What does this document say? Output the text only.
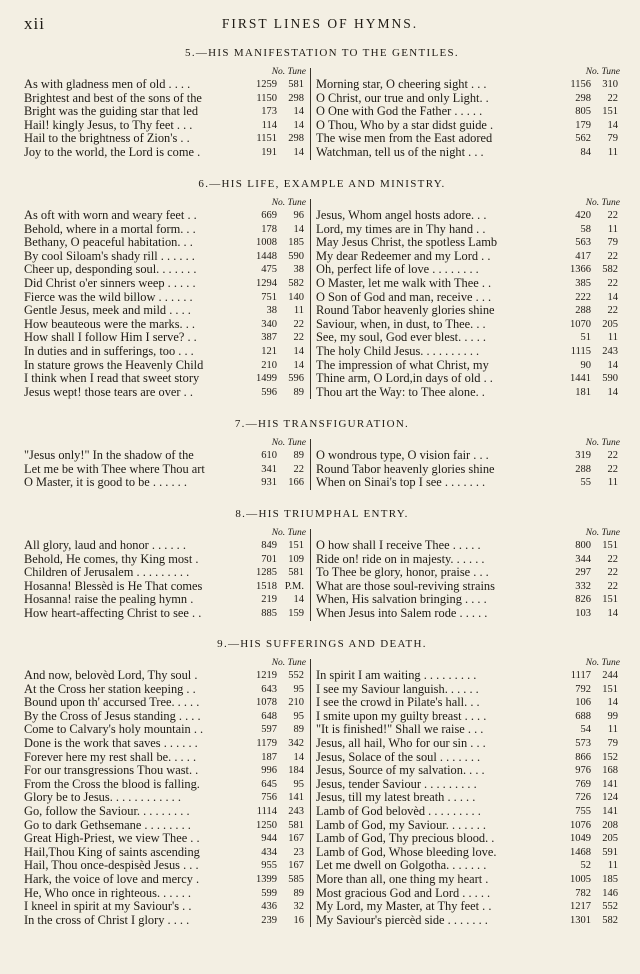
xii	FIRST LINES OF HYMNS.
5.—HIS MANIFESTATION TO THE GENTILES.
No. Tune
As with gladness men of old . . . .	1259	581
Brightest and best of the sons of the	1150	298
Bright was the guiding star that led	173	14
Hail! kingly Jesus, to Thy feet . . .	114	14
Hail to the brightness of Zion's . .	1151	298
Joy to the world, the Lord is come .	191	14
No. Tune
Morning star, O cheering sight . . .	1156	310
O Christ, our true and only Light. .	298	22
O One with God the Father . . . . .	805	151
O Thou, Who by a star didst guide .	179	14
The wise men from the East adored	562	79
Watchman, tell us of the night . . .	84	11
6.—HIS LIFE, EXAMPLE AND MINISTRY.
No. Tune
As oft with worn and weary feet . .	669	96
Behold, where in a mortal form. . .	178	14
Bethany, O peaceful habitation. . .	1008	185
By cool Siloam's shady rill . . . . . .	1448	590
Cheer up, desponding soul. . . . . . .	475	38
Did Christ o'er sinners weep . . . . .	1294	582
Fierce was the wild billow . . . . . .	751	140
Gentle Jesus, meek and mild . . . .	38	11
How beauteous were the marks. . .	340	22
How shall I follow Him I serve? . .	387	22
In duties and in sufferings, too . . .	121	14
In stature grows the Heavenly Child	210	14
I think when I read that sweet story	1499	596
Jesus wept! those tears are over . .	596	89
No. Tune
Jesus, Whom angel hosts adore. . .	420	22
Lord, my times are in Thy hand . .	58	11
May Jesus Christ, the spotless Lamb	563	79
My dear Redeemer and my Lord . .	417	22
Oh, perfect life of love . . . . . . . .	1366	582
O Master, let me walk with Thee . .	385	22
O Son of God and man, receive . . .	222	14
Round Tabor heavenly glories shine	288	22
Saviour, when, in dust, to Thee. . .	1070	205
See, my soul, God ever blest. . . . .	51	11
The holy Child Jesus. . . . . . . . . .	1115	243
The impression of what Christ, my	90	14
Thine arm, O Lord,in days of old . .	1441	590
Thou art the Way: to Thee alone. .	181	14
7.—HIS TRANSFIGURATION.
No. Tune
"Jesus only!" In the shadow of the	610	89
Let me be with Thee where Thou art	341	22
O Master, it is good to be . . . . . .	931	166
No. Tune
O wondrous type, O vision fair . . .	319	22
Round Tabor heavenly glories shine	288	22
When on Sinai's top I see . . . . . . .	55	11
8.—HIS TRIUMPHAL ENTRY.
No. Tune
All glory, laud and honor . . . . . .	849	151
Behold, He comes, thy King most .	701	109
Children of Jerusalem . . . . . . . . .	1285	581
Hosanna! Blessèd is He That comes	1518 P.M.
Hosanna! raise the pealing hymn .	219	14
How heart-affecting Christ to see . .	885	159
No. Tune
O how shall I receive Thee . . . . .	800	151
Ride on! ride on in majesty. . . . . .	344	22
To Thee be glory, honor, praise . . .	297	22
What are those soul-reviving strains	332	22
When, His salvation bringing . . . .	826	151
When Jesus into Salem rode . . . . .	103	14
9.—HIS SUFFERINGS AND DEATH.
No. Tune
And now, belovèd Lord, Thy soul .	1219	552
At the Cross her station keeping . .	643	95
Bound upon th' accursed Tree. . . . .	1078	210
By the Cross of Jesus standing . . . .	648	95
Come to Calvary's holy mountain . .	597	89
Done is the work that saves . . . . . .	1179	342
Forever here my rest shall be. . . . .	187	14
For our transgressions Thou wast. .	996	184
From the Cross the blood is falling.	645	95
Glory be to Jesus. . . . . . . . . . . .	756	141
Go, follow the Saviour. . . . . . . . .	1114	243
Go to dark Gethsemane . . . . . . . .	1250	581
Great High-Priest, we view Thee . .	944	167
Hail,Thou King of saints ascending	434	23
Hail, Thou once-despisèd Jesus . . .	955	167
Hark, the voice of love and mercy .	1399	585
He, Who once in righteous. . . . . .	599	89
I kneel in spirit at my Saviour's . .	436	32
In the cross of Christ I glory . . . .	239	16
No. Tune
In spirit I am waiting . . . . . . . . .	1117	244
I see my Saviour languish. . . . . .	792	151
I see the crowd in Pilate's hall. . .	106	14
I smite upon my guilty breast . . . .	688	99
"It is finished!" Shall we raise . . .	54	11
Jesus, all hail, Who for our sin . . .	573	79
Jesus, Solace of the soul . . . . . . .	866	152
Jesus, Source of my salvation. . . .	976	168
Jesus, tender Saviour . . . . . . . . .	769	141
Jesus, till my latest breath . . . . .	726	124
Lamb of God belovèd . . . . . . . . .	755	141
Lamb of God, my Saviour. . . . . . .	1076	208
Lamb of God, Thy precious blood. .	1049	205
Lamb of God, Whose bleeding love.	1468	591
Let me dwell on Golgotha. . . . . . .	52	11
More than all, one thing my heart .	1005	185
Most gracious God and Lord . . . . .	782	146
My Lord, my Master, at Thy feet . .	1217	552
My Saviour's piercèd side . . . . . . .	1301	582
